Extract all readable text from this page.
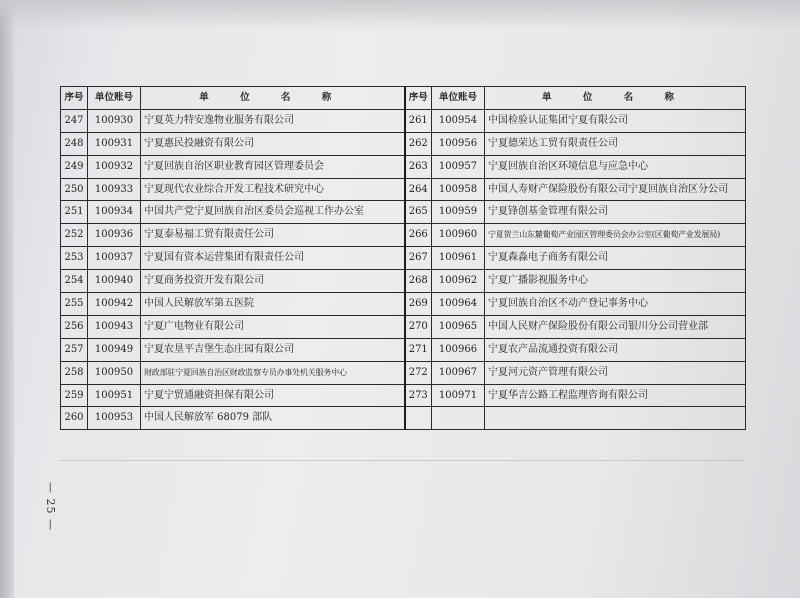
序号	单位账号	单 位 名 称	序号	单位账号	单 位 名 称
247	100930	宁夏英力特安逸物业服务有限公司	261	100954	中国检验认证集团宁夏有限公司
248	100931	宁夏惠民投融资有限公司	262	100956	宁夏德荣达工贸有限责任公司
249	100932	宁夏回族自治区职业教育园区管理委员会	263	100957	宁夏回族自治区环境信息与应急中心
250	100933	宁夏现代农业综合开发工程技术研究中心	264	100958	中国人寿财产保险股份有限公司宁夏回族自治区分公司
251	100934	中国共产党宁夏回族自治区委员会巡视工作办公室	265	100959	宁夏锋创基金管理有限公司
252	100936	宁夏泰易福工贸有限责任公司	266	100960	宁夏贺兰山东麓葡萄产业园区管理委员会办公室(区葡萄产业发展局)
253	100937	宁夏国有资本运营集团有限责任公司	267	100961	宁夏森淼电子商务有限公司
254	100940	宁夏商务投资开发有限公司	268	100962	宁夏广播影视服务中心
255	100942	中国人民解放军第五医院	269	100964	宁夏回族自治区不动产登记事务中心
256	100943	宁夏广电物业有限公司	270	100965	中国人民财产保险股份有限公司银川分公司营业部
257	100949	宁夏农垦平吉堡生态庄园有限公司	271	100966	宁夏农产品流通投资有限公司
258	100950	财政部驻宁夏回族自治区财政监察专员办事处机关服务中心	272	100967	宁夏河元资产管理有限公司
259	100951	宁夏宁贸通融资担保有限公司	273	100971	宁夏华吉公路工程监理咨询有限公司
260	100953	中国人民解放军 68079 部队			
— 25 —
